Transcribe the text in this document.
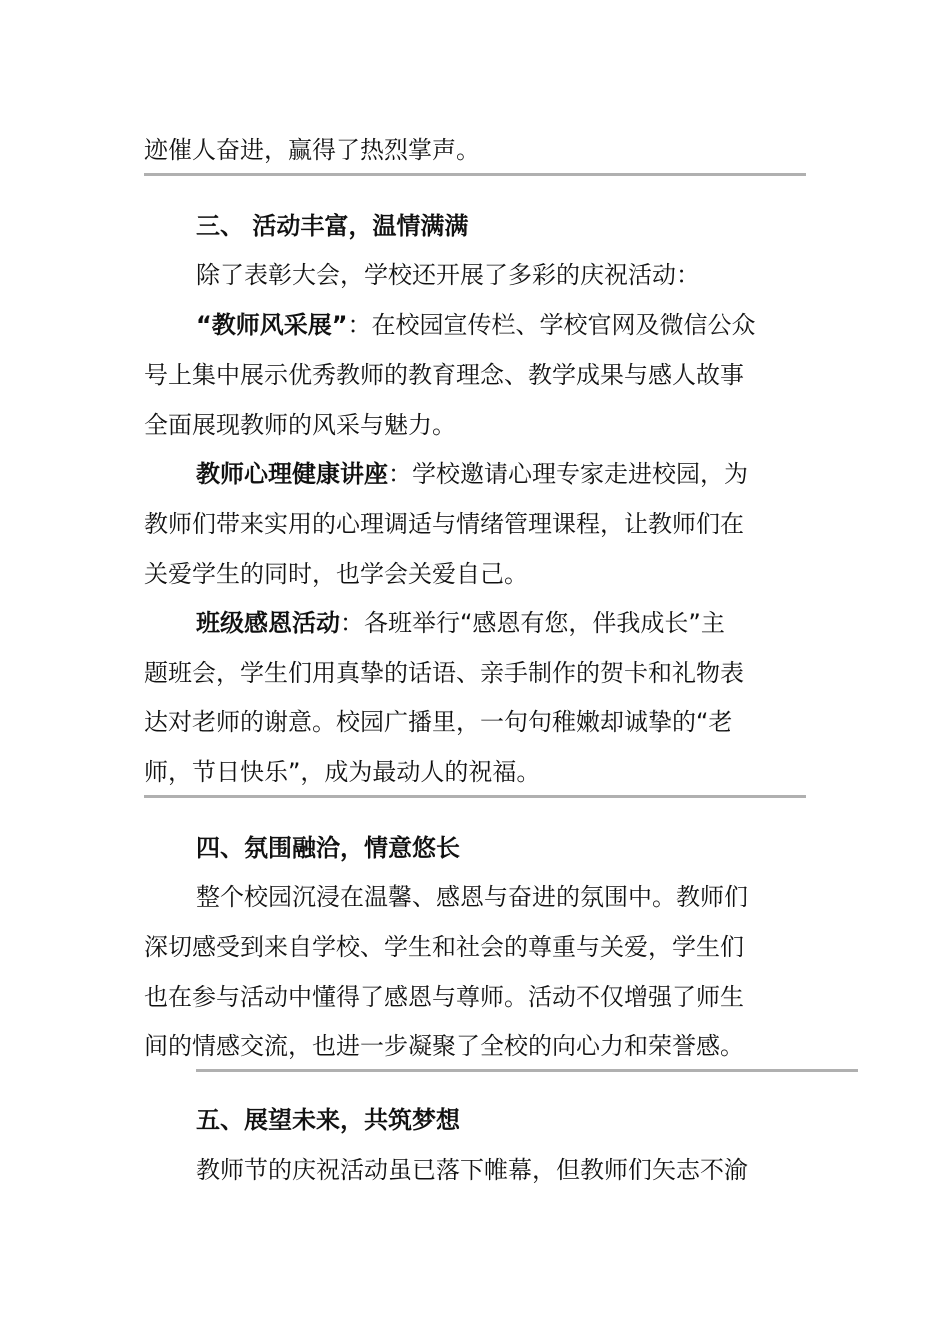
迹催人奋进，赢得了热烈掌声。
三、 活动丰富，温情满满
除了表彰大会，学校还开展了多彩的庆祝活动：
“教师风采展”：在校园宣传栏、学校官网及微信公众
号上集中展示优秀教师的教育理念、教学成果与感人故事
全面展现教师的风采与魅力。
教师心理健康讲座：学校邀请心理专家走进校园，为
教师们带来实用的心理调适与情绪管理课程，让教师们在
关爱学生的同时，也学会关爱自己。
班级感恩活动：各班举行“感恩有您，伴我成长”主
题班会，学生们用真挚的话语、亲手制作的贺卡和礼物表
达对老师的谢意。校园广播里，一句句稚嫩却诚挚的“老
师，节日快乐”，成为最动人的祝福。
四、氛围融洽，情意悠长
整个校园沉浸在温馨、感恩与奋进的氛围中。教师们
深切感受到来自学校、学生和社会的尊重与关爱，学生们
也在参与活动中懂得了感恩与尊师。活动不仅增强了师生
间的情感交流，也进一步凝聚了全校的向心力和荣誉感。
五、展望未来，共筑梦想
教师节的庆祝活动虽已落下帷幕，但教师们矢志不渝
